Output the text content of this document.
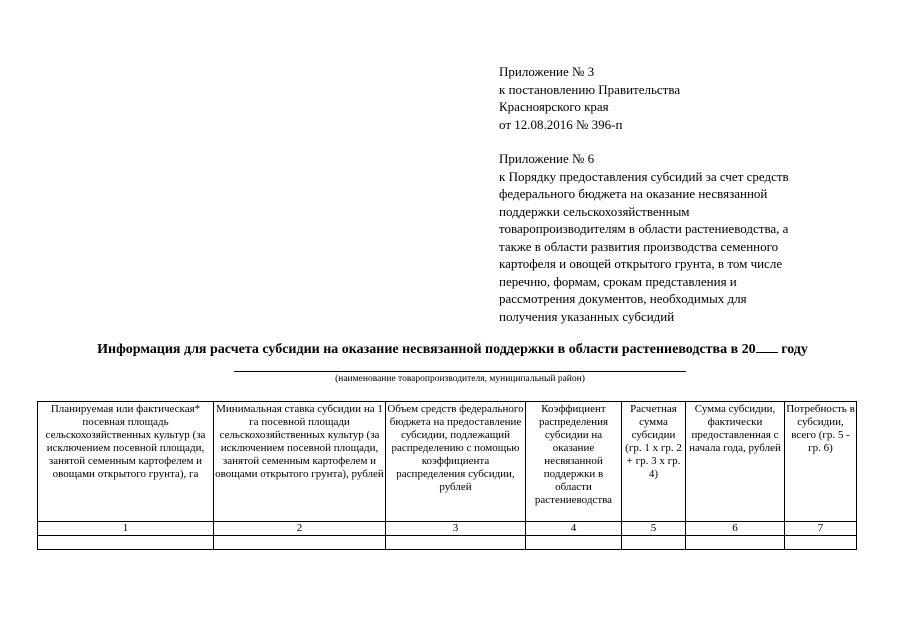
Приложение № 3
к постановлению Правительства
Красноярского края
от 12.08.2016 № 396-п
Приложение № 6
к Порядку предоставления субсидий за счет средств
федерального бюджета на оказание несвязанной
поддержки сельскохозяйственным
товаропроизводителям в области растениеводства, а
также в области развития производства семенного
картофеля и овощей открытого грунта, в том числе
перечню, формам, срокам представления и
рассмотрения документов, необходимых для
получения указанных субсидий
Информация для расчета субсидии на оказание несвязанной поддержки в области растениеводства в 20 году
(наименование товаропроизводителя, муниципальный район)
Планируемая или фактическая* посевная площадь сельскохозяйственных культур (за исключением посевной площади, занятой семенным картофелем и овощами открытого грунта), га	Минимальная ставка субсидии на 1 га посевной площади сельскохозяйственных культур (за исключением посевной площади, занятой семенным картофелем и овощами открытого грунта), рублей	Объем средств федерального бюджета на предоставление субсидии, подлежащий распределению с помощью коэффициента распределения субсидии, рублей	Коэффициент распределения субсидии на оказание несвязанной поддержки в области растениеводства	Расчетная сумма субсидии (гр. 1 х гр. 2 + гр. 3 х гр. 4)	Сумма субсидии, фактически предоставленная с начала года, рублей	Потребность в субсидии, всего (гр. 5 - гр. 6)
1	2	3	4	5	6	7
